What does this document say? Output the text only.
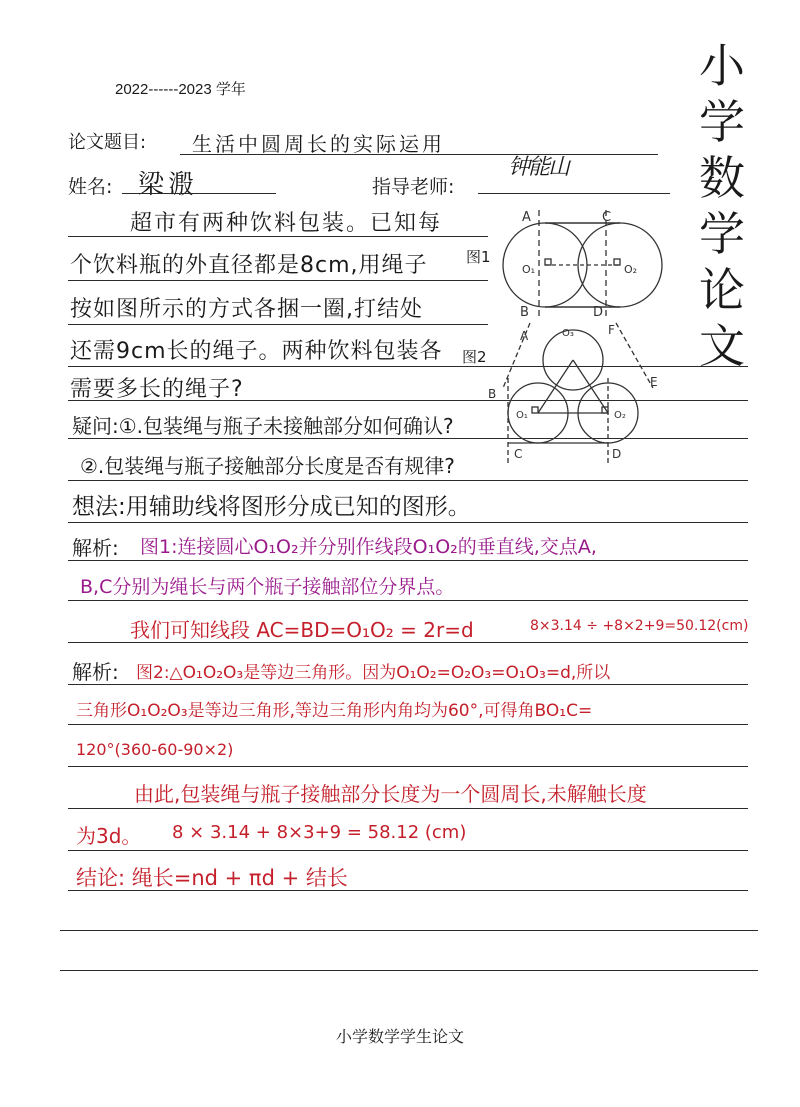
2022------2023 学年	小
学
数
学
论
文
论文题目: 生活中圆周长的实际运用
姓名: 梁溵	指导老师:
钟能山
超市有两种饮料包装。已知每
个饮料瓶的外直径都是8cm,用绳子
按如图所示的方式各捆一圈,打结处
还需9cm长的绳子。两种饮料包装各
需要多长的绳子?
疑问:①.包装绳与瓶子未接触部分如何确认?
②.包装绳与瓶子接触部分长度是否有规律?
想法:用辅助线将图形分成已知的图形。
解析: 图1:连接圆心O₁O₂并分别作线段O₁O₂的垂直线,交点A,
B,C分别为绳长与两个瓶子接触部位分界点。
我们可知线段 AC=BD=O₁O₂ = 2r=d	8×3.14 ÷ +8×2+9=50.12(cm)
解析: 图2:△O₁O₂O₃是等边三角形。因为O₁O₂=O₂O₃=O₁O₃=d,所以
三角形O₁O₂O₃是等边三角形,等边三角形内角均为60°,可得角BO₁C=
120°(360-60-90×2)
由此,包装绳与瓶子接触部分长度为一个圆周长,未解触长度
为3d。 8 × 3.14 + 8×3+9 = 58.12 (cm)
结论: 绳长=nd + πd + 结长
A	C
B	D
O₁	O₂
图1
A	F
B
E
C	D
O₃
O₁	O₂
图2
小学数学学生论文
